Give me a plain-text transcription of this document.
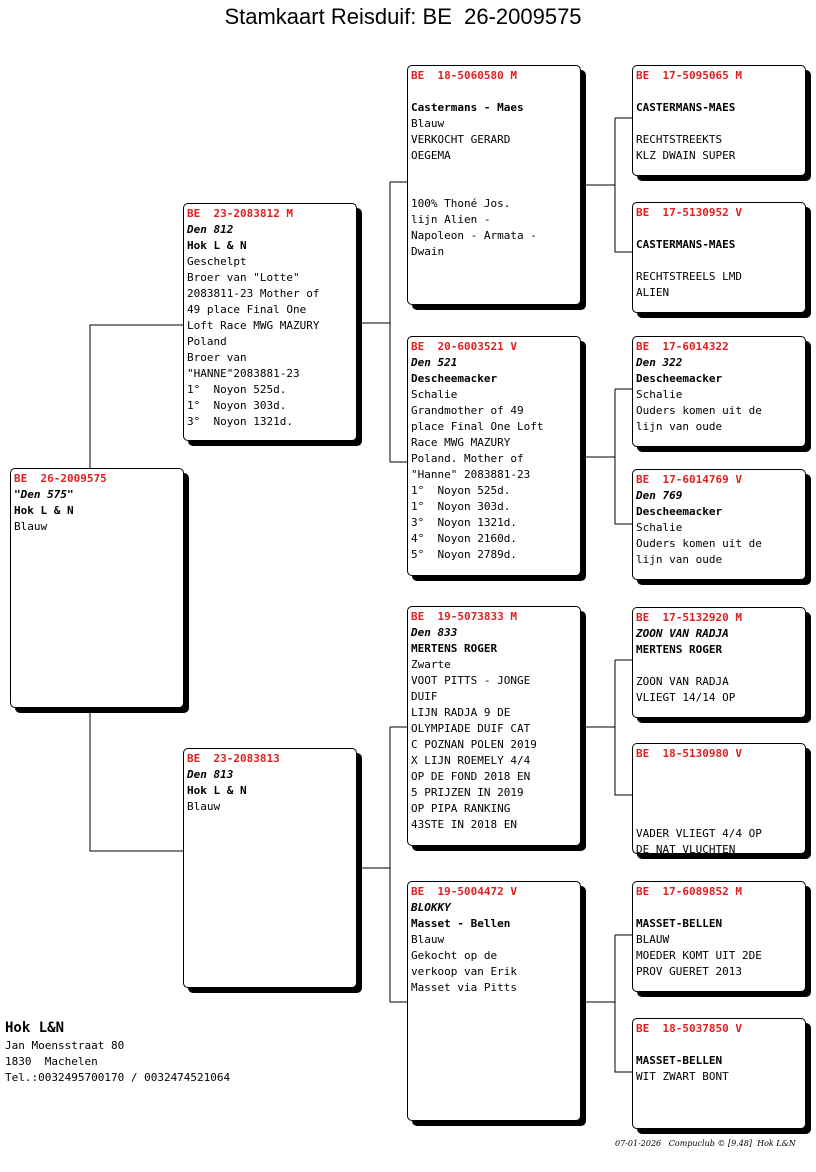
Stamkaart Reisduif: BE  26-2009575
BE  26-2009575
"Den 575"
Hok L & N
Blauw
BE  23-2083812 M
Den 812
Hok L & N
Geschelpt
Broer van "Lotte"
2083811-23 Mother of
49 place Final One
Loft Race MWG MAZURY
Poland
Broer van
"HANNE"2083881-23
1°  Noyon 525d.
1°  Noyon 303d.
3°  Noyon 1321d.
BE  23-2083813
Den 813
Hok L & N
Blauw
BE  18-5060580 M
Castermans - Maes
Blauw
VERKOCHT GERARD
OEGEMA
100% Thoné Jos.
lijn Alien -
Napoleon - Armata -
Dwain
BE  20-6003521 V
Den 521
Descheemacker
Schalie
Grandmother of 49
place Final One Loft
Race MWG MAZURY
Poland. Mother of
"Hanne" 2083881-23
1°  Noyon 525d.
1°  Noyon 303d.
3°  Noyon 1321d.
4°  Noyon 2160d.
5°  Noyon 2789d.
BE  19-5073833 M
Den 833
MERTENS ROGER
Zwarte
VOOT PITTS - JONGE
DUIF
LIJN RADJA 9 DE
OLYMPIADE DUIF CAT
C POZNAN POLEN 2019
X LIJN ROEMELY 4/4
OP DE FOND 2018 EN
5 PRIJZEN IN 2019
OP PIPA RANKING
43STE IN 2018 EN
BE  19-5004472 V
BLOKKY
Masset - Bellen
Blauw
Gekocht op de
verkoop van Erik
Masset via Pitts
BE  17-5095065 M
CASTERMANS-MAES
RECHTSTREEKTS
KLZ DWAIN SUPER
BE  17-5130952 V
CASTERMANS-MAES
RECHTSTREELS LMD
ALIEN
BE  17-6014322
Den 322
Descheemacker
Schalie
Ouders komen uit de
lijn van oude
BE  17-6014769 V
Den 769
Descheemacker
Schalie
Ouders komen uit de
lijn van oude
BE  17-5132920 M
ZOON VAN RADJA
MERTENS ROGER
ZOON VAN RADJA
VLIEGT 14/14 OP
BE  18-5130980 V
VADER VLIEGT 4/4 OP
DE NAT VLUCHTEN
BE  17-6089852 M
MASSET-BELLEN
BLAUW
MOEDER KOMT UIT 2DE
PROV GUERET 2013
BE  18-5037850 V
MASSET-BELLEN
WIT ZWART BONT
Hok L&N
Jan Moensstraat 80
1830  Machelen
Tel.:0032495700170 / 0032474521064
07-01-2026   Compuclub © [9.48]  Hok L&N
